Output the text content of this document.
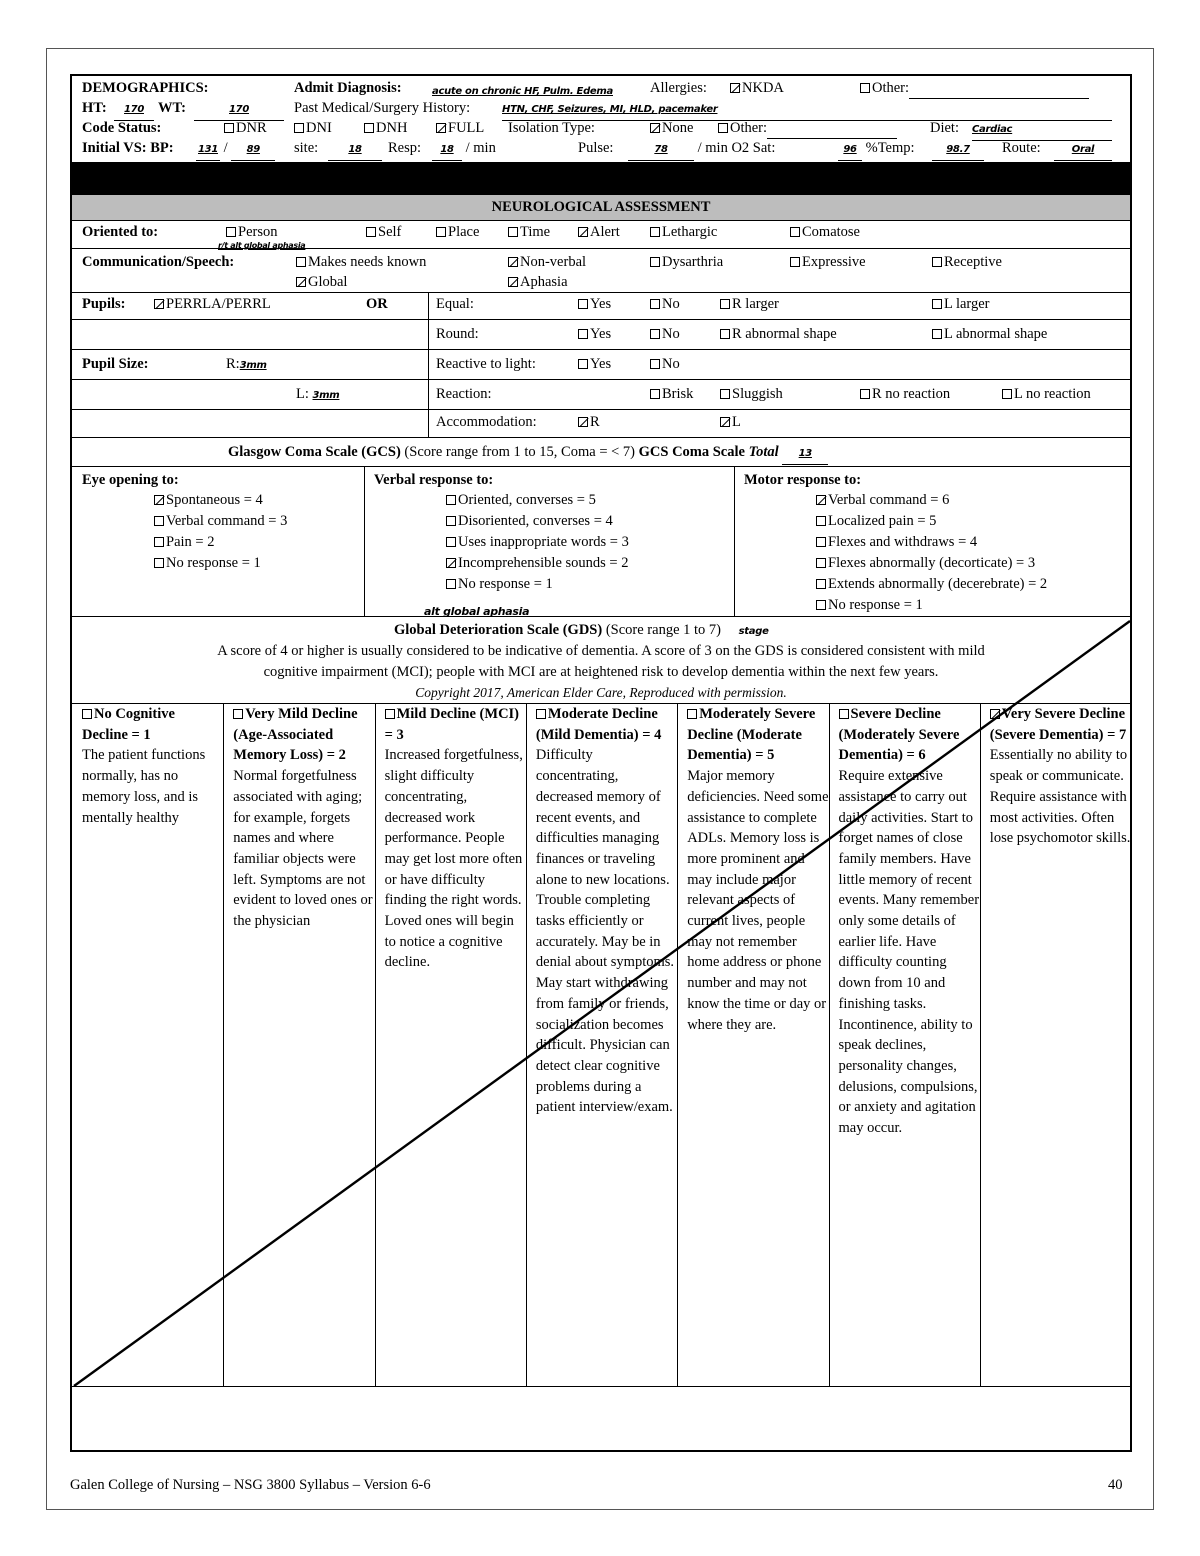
DEMOGRAPHICS:	Admit Diagnosis:	acute on chronic HF, Pulm. Edema	Allergies:	NKDA	Other:
HT:	170 WT:	170	Past Medical/Surgery History:	HTN, CHF, Seizures, MI, HLD, pacemaker
Code Status:	DNR	DNI	DNH	FULL Isolation Type:	None	Other:	Diet: Cardiac
Initial VS: BP: 131 / 89	site:	18	Resp:	18 / min	Pulse:	78 / min O2 Sat:	96 %Temp:	98.7	Route:	Oral
NEUROLOGICAL ASSESSMENT
Oriented to:	Person
r/t alt global aphasia
Self	Place	Time	Alert	Lethargic	Comatose
Communication/Speech:	Makes needs known	Non-verbal	Dysarthria	Expressive	Receptive
Global	Aphasia
Pupils:	PERRLA/PERRL	OR	Equal:	Yes	No	R larger	L larger
Round:	Yes	No	R abnormal shape	L abnormal shape
Pupil Size:	R:3mm	Reactive to light:	Yes	No
L: 3mm	Reaction:	Brisk	Sluggish	R no reaction	L no reaction
Accommodation:	R	L
Glasgow Coma Scale (GCS) (Score range from 1 to 15, Coma = < 7) GCS Coma Scale Total 13
Eye opening to:
Spontaneous = 4
Verbal command = 3
Pain = 2
No response = 1
Verbal response to:
Oriented, converses = 5
Disoriented, converses = 4
Uses inappropriate words = 3
Incomprehensible sounds = 2
No response = 1
alt global aphasia
Motor response to:
Verbal command = 6
Localized pain = 5
Flexes and withdraws = 4
Flexes abnormally (decorticate) = 3
Extends abnormally (decerebrate) = 2
No response = 1
Global Deterioration Scale (GDS) (Score range 1 to 7) stage
A score of 4 or higher is usually considered to be indicative of dementia. A score of 3 on the GDS is considered consistent with mild
cognitive impairment (MCI); people with MCI are at heightened risk to develop dementia within the next few years.
Copyright 2017, American Elder Care, Reproduced with permission.
No Cognitive Decline = 1
The patient functions normally, has no memory loss, and is mentally healthy
Very Mild Decline (Age-Associated Memory Loss) = 2
Normal forgetfulness associated with aging; for example, forgets names and where familiar objects were left. Symptoms are not evident to loved ones or the physician
Mild Decline (MCI) = 3
Increased forgetfulness, slight difficulty concentrating, decreased work performance. People may get lost more often or have difficulty finding the right words. Loved ones will begin to notice a cognitive decline.
Moderate Decline (Mild Dementia) = 4
Difficulty concentrating, decreased memory of recent events, and difficulties managing finances or traveling alone to new locations. Trouble completing tasks efficiently or accurately. May be in denial about symptoms. May start withdrawing from family or friends, socialization becomes difficult. Physician can detect clear cognitive problems during a patient interview/exam.
Moderately Severe Decline (Moderate Dementia) = 5
Major memory deficiencies. Need some assistance to complete ADLs. Memory loss is more prominent and may include major relevant aspects of current lives, people may not remember home address or phone number and may not know the time or day or where they are.
Severe Decline (Moderately Severe Dementia) = 6
Require extensive assistance to carry out daily activities. Start to forget names of close family members. Have little memory of recent events. Many remember only some details of earlier life. Have difficulty counting down from 10 and finishing tasks. Incontinence, ability to speak declines, personality changes, delusions, compulsions, or anxiety and agitation may occur.
Very Severe Decline (Severe Dementia) = 7
Essentially no ability to speak or communicate. Require assistance with most activities. Often lose psychomotor skills.
Galen College of Nursing – NSG 3800 Syllabus – Version 6-6	40
